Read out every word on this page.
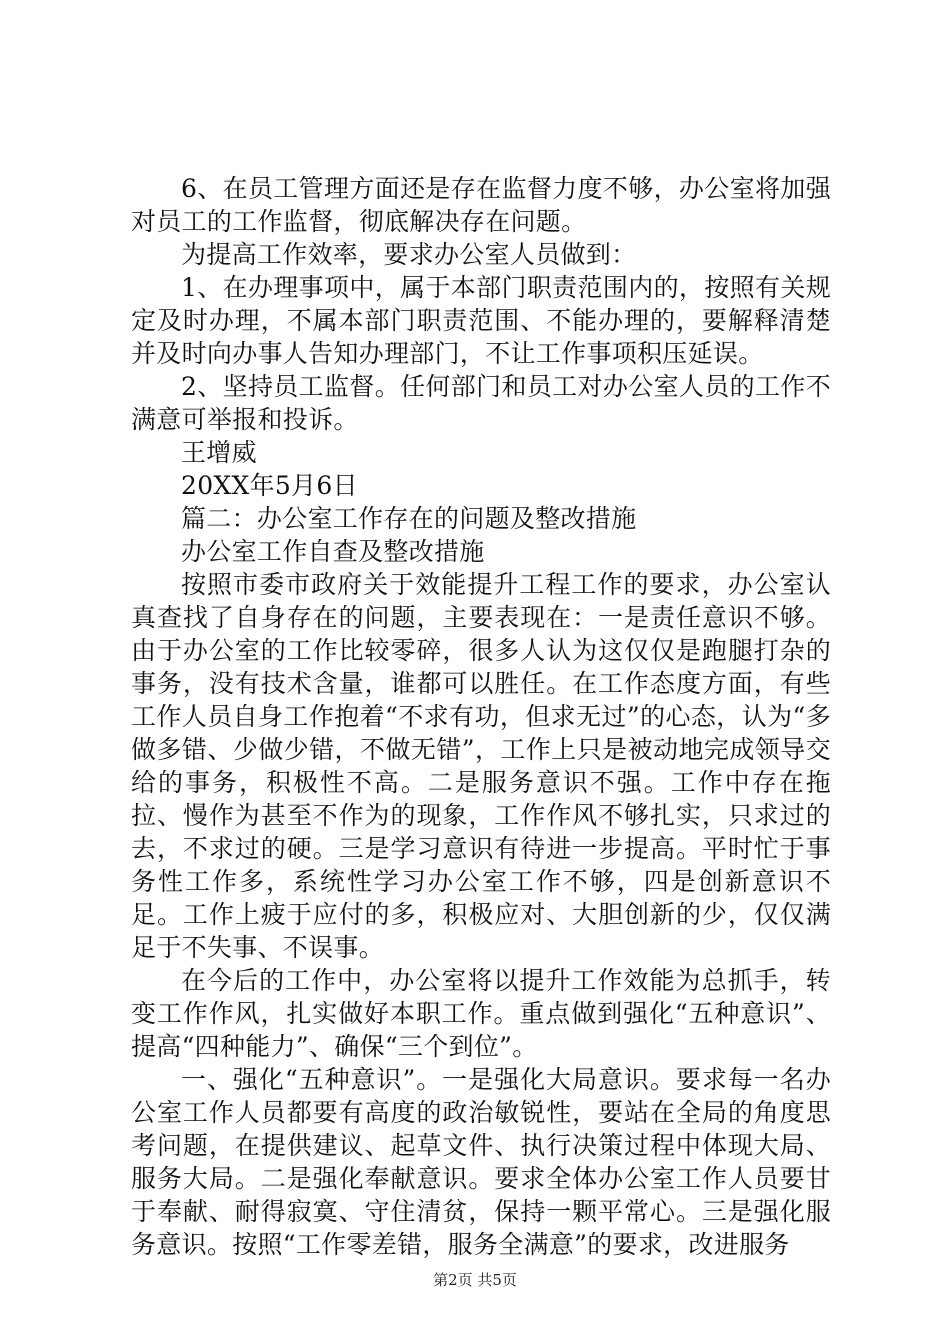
6、在员工管理方面还是存在监督力度不够，办公室将加强对员工的工作监督，彻底解决存在问题。

为提高工作效率，要求办公室人员做到：

1、在办理事项中，属于本部门职责范围内的，按照有关规定及时办理，不属本部门职责范围、不能办理的，要解释清楚并及时向办事人告知办理部门，不让工作事项积压延误。

2、坚持员工监督。任何部门和员工对办公室人员的工作不满意可举报和投诉。

王增威

20XX年5月6日

篇二：办公室工作存在的问题及整改措施

办公室工作自查及整改措施

按照市委市政府关于效能提升工程工作的要求，办公室认真查找了自身存在的问题，主要表现在：一是责任意识不够。由于办公室的工作比较零碎，很多人认为这仅仅是跑腿打杂的事务，没有技术含量，谁都可以胜任。在工作态度方面，有些工作人员自身工作抱着“不求有功，但求无过”的心态，认为“多做多错、少做少错，不做无错”，工作上只是被动地完成领导交给的事务，积极性不高。二是服务意识不强。工作中存在拖拉、慢作为甚至不作为的现象，工作作风不够扎实，只求过的去，不求过的硬。三是学习意识有待进一步提高。平时忙于事务性工作多，系统性学习办公室工作不够，四是创新意识不足。工作上疲于应付的多，积极应对、大胆创新的少，仅仅满足于不失事、不误事。

在今后的工作中，办公室将以提升工作效能为总抓手，转变工作作风，扎实做好本职工作。重点做到强化“五种意识”、提高“四种能力”、确保“三个到位”。

一、强化“五种意识”。一是强化大局意识。要求每一名办公室工作人员都要有高度的政治敏锐性，要站在全局的角度思考问题，在提供建议、起草文件、执行决策过程中体现大局、服务大局。二是强化奉献意识。要求全体办公室工作人员要甘于奉献、耐得寂寞、守住清贫，保持一颗平常心。三是强化服务意识。按照“工作零差错，服务全满意”的要求，改进服务

第2页 共5页
